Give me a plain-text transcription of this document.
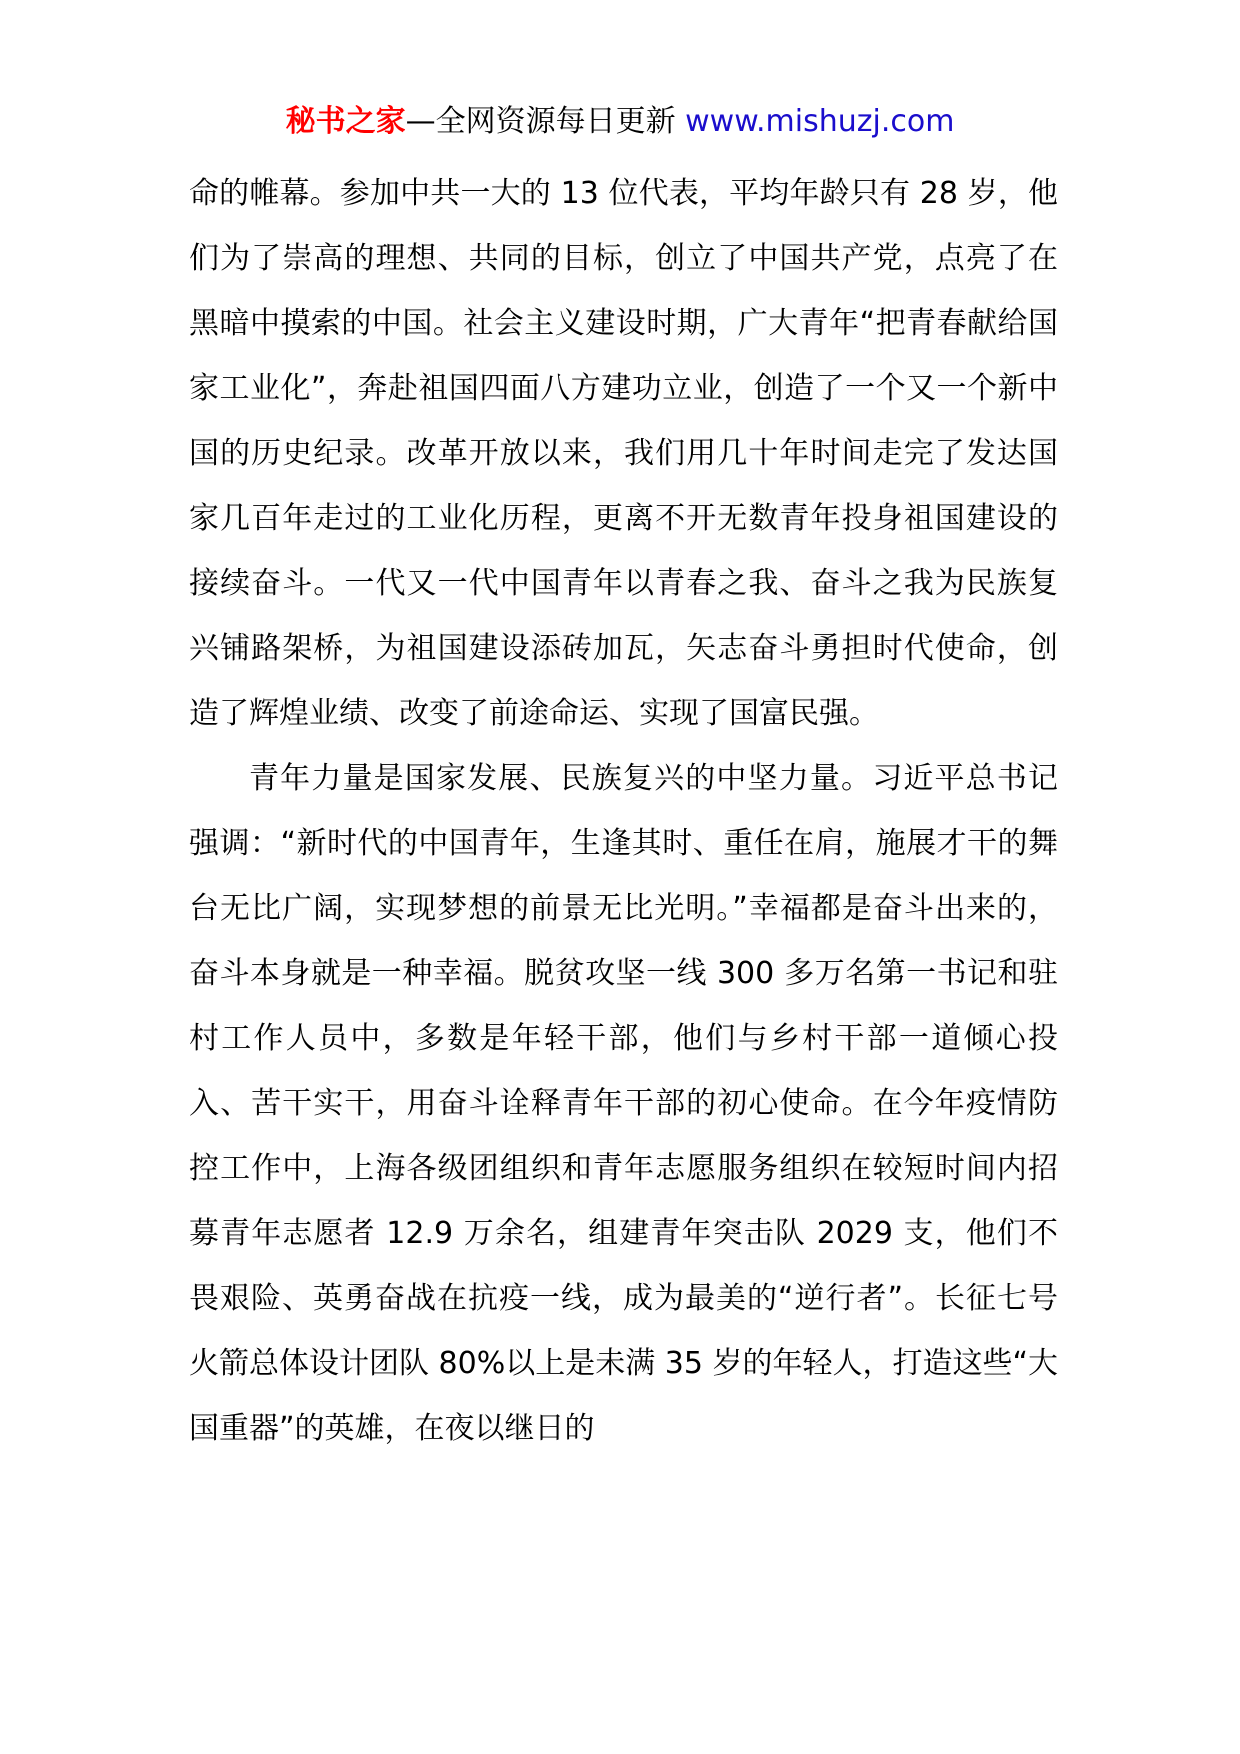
秘书之家—全网资源每日更新 www.mishuzj.com

命的帷幕。参加中共一大的 13 位代表，平均年龄只有 28 岁，他们为了崇高的理想、共同的目标，创立了中国共产党，点亮了在黑暗中摸索的中国。社会主义建设时期，广大青年“把青春献给国家工业化”，奔赴祖国四面八方建功立业，创造了一个又一个新中国的历史纪录。改革开放以来，我们用几十年时间走完了发达国家几百年走过的工业化历程，更离不开无数青年投身祖国建设的接续奋斗。一代又一代中国青年以青春之我、奋斗之我为民族复兴铺路架桥，为祖国建设添砖加瓦，矢志奋斗勇担时代使命，创造了辉煌业绩、改变了前途命运、实现了国富民强。

青年力量是国家发展、民族复兴的中坚力量。习近平总书记强调：“新时代的中国青年，生逢其时、重任在肩，施展才干的舞台无比广阔，实现梦想的前景无比光明。”幸福都是奋斗出来的，奋斗本身就是一种幸福。脱贫攻坚一线 300 多万名第一书记和驻村工作人员中，多数是年轻干部，他们与乡村干部一道倾心投入、苦干实干，用奋斗诠释青年干部的初心使命。在今年疫情防控工作中，上海各级团组织和青年志愿服务组织在较短时间内招募青年志愿者 12.9 万余名，组建青年突击队 2029 支，他们不畏艰险、英勇奋战在抗疫一线，成为最美的“逆行者”。长征七号火箭总体设计团队 80%以上是未满 35 岁的年轻人，打造这些“大国重器”的英雄，在夜以继日的
